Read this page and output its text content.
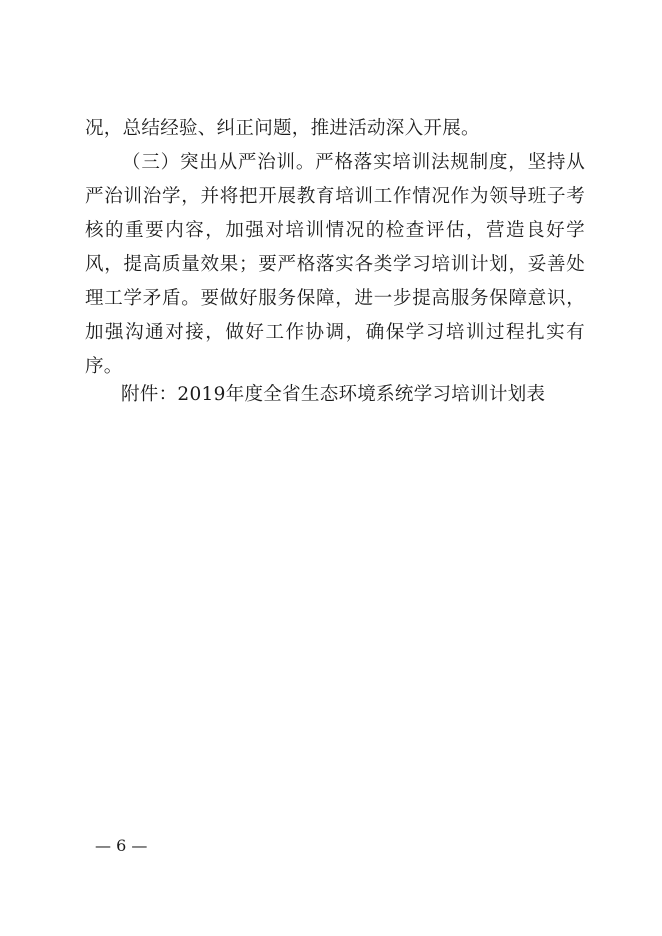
况，总结经验、纠正问题，推进活动深入开展。

（三）突出从严治训。严格落实培训法规制度，坚持从严治训治学，并将把开展教育培训工作情况作为领导班子考核的重要内容，加强对培训情况的检查评估，营造良好学风，提高质量效果；要严格落实各类学习培训计划，妥善处理工学矛盾。要做好服务保障，进一步提高服务保障意识，加强沟通对接，做好工作协调，确保学习培训过程扎实有序。

附件：2019年度全省生态环境系统学习培训计划表
— 6 —
